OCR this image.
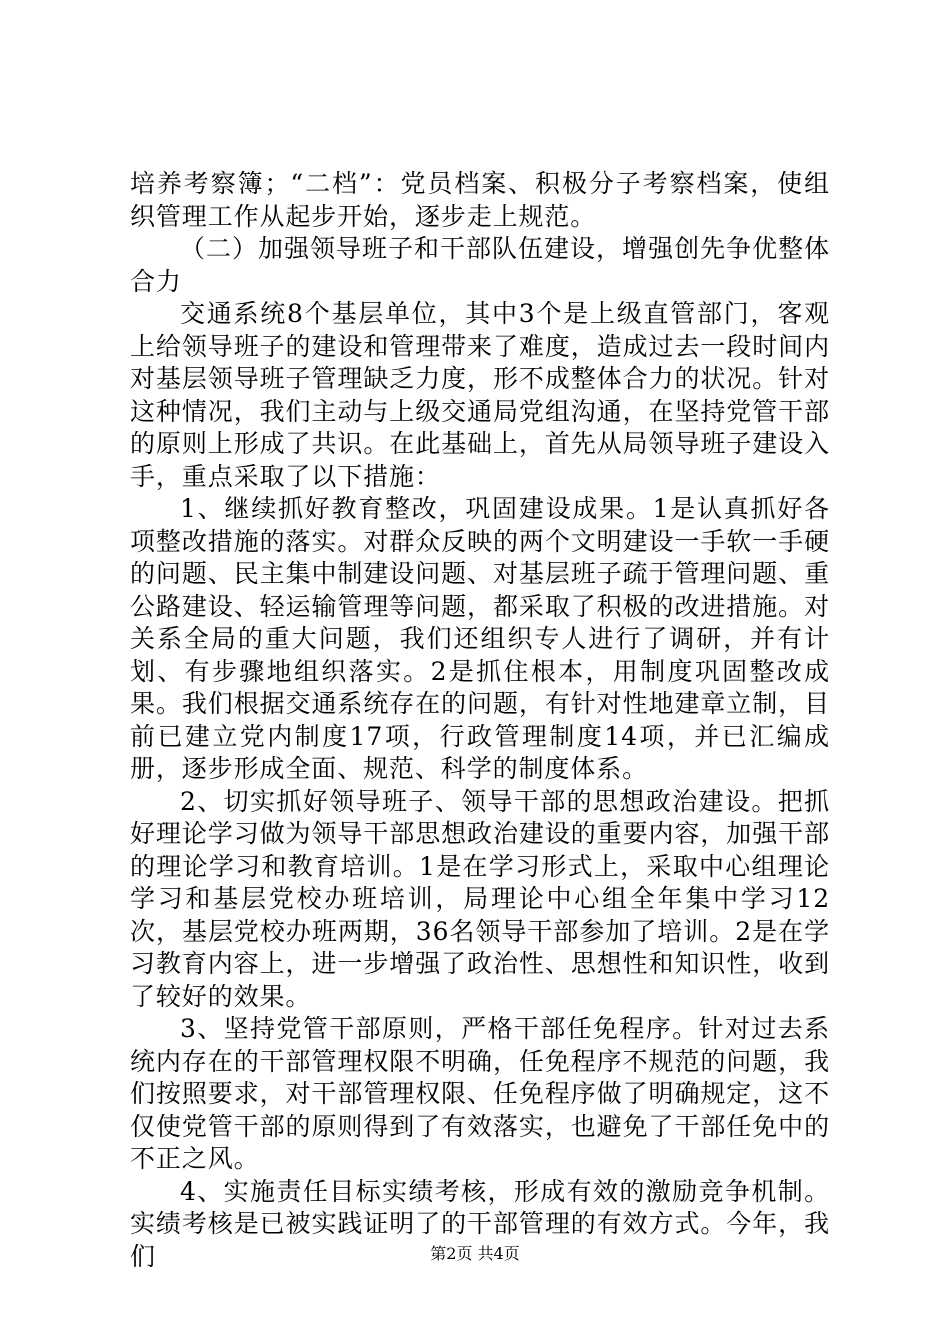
培养考察簿；“二档”：党员档案、积极分子考察档案，使组织管理工作从起步开始，逐步走上规范。

（二）加强领导班子和干部队伍建设，增强创先争优整体合力

交通系统8个基层单位，其中3个是上级直管部门，客观上给领导班子的建设和管理带来了难度，造成过去一段时间内对基层领导班子管理缺乏力度，形不成整体合力的状况。针对这种情况，我们主动与上级交通局党组沟通，在坚持党管干部的原则上形成了共识。在此基础上，首先从局领导班子建设入手，重点采取了以下措施：

1、继续抓好教育整改，巩固建设成果。1是认真抓好各项整改措施的落实。对群众反映的两个文明建设一手软一手硬的问题、民主集中制建设问题、对基层班子疏于管理问题、重公路建设、轻运输管理等问题，都采取了积极的改进措施。对关系全局的重大问题，我们还组织专人进行了调研，并有计划、有步骤地组织落实。2是抓住根本，用制度巩固整改成果。我们根据交通系统存在的问题，有针对性地建章立制，目前已建立党内制度17项，行政管理制度14项，并已汇编成册，逐步形成全面、规范、科学的制度体系。

2、切实抓好领导班子、领导干部的思想政治建设。把抓好理论学习做为领导干部思想政治建设的重要内容，加强干部的理论学习和教育培训。1是在学习形式上，采取中心组理论学习和基层党校办班培训，局理论中心组全年集中学习12次，基层党校办班两期，36名领导干部参加了培训。2是在学习教育内容上，进一步增强了政治性、思想性和知识性，收到了较好的效果。

3、坚持党管干部原则，严格干部任免程序。针对过去系统内存在的干部管理权限不明确，任免程序不规范的问题，我们按照要求，对干部管理权限、任免程序做了明确规定，这不仅使党管干部的原则得到了有效落实，也避免了干部任免中的不正之风。

4、实施责任目标实绩考核，形成有效的激励竞争机制。实绩考核是已被实践证明了的干部管理的有效方式。今年，我们	第2页 共4页
